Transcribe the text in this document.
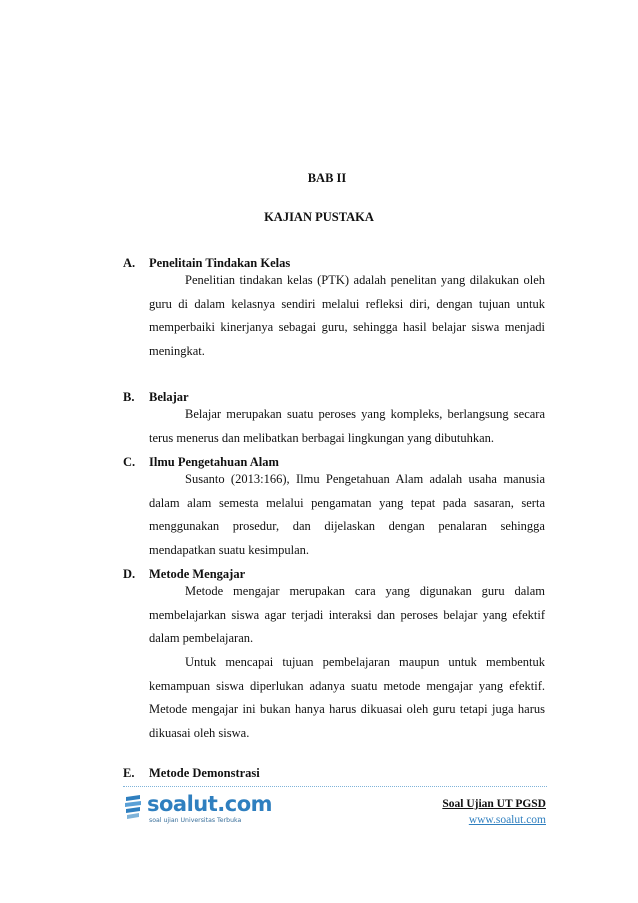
BAB II
KAJIAN PUSTAKA
A. Penelitain Tindakan Kelas

Penelitian tindakan kelas (PTK) adalah penelitan yang dilakukan oleh guru di dalam kelasnya sendiri melalui refleksi diri, dengan tujuan untuk memperbaiki kinerjanya sebagai guru, sehingga hasil belajar siswa menjadi meningkat.

B. Belajar

Belajar merupakan suatu peroses yang kompleks, berlangsung secara terus menerus dan melibatkan berbagai lingkungan yang dibutuhkan.

C. Ilmu Pengetahuan Alam

Susanto (2013:166), Ilmu Pengetahuan Alam adalah usaha manusia dalam alam semesta melalui pengamatan yang tepat pada sasaran, serta menggunakan prosedur, dan dijelaskan dengan penalaran sehingga mendapatkan suatu kesimpulan.

D. Metode Mengajar

Metode mengajar merupakan cara yang digunakan guru dalam membelajarkan siswa agar terjadi interaksi dan peroses belajar yang efektif dalam pembelajaran.

Untuk mencapai tujuan pembelajaran maupun untuk membentuk kemampuan siswa diperlukan adanya suatu metode mengajar yang efektif. Metode mengajar ini bukan hanya harus dikuasai oleh guru tetapi juga harus dikuasai oleh siswa.

E. Metode Demonstrasi
soalut.com
soal ujian Universitas Terbuka
Soal Ujian UT PGSD
www.soalut.com
